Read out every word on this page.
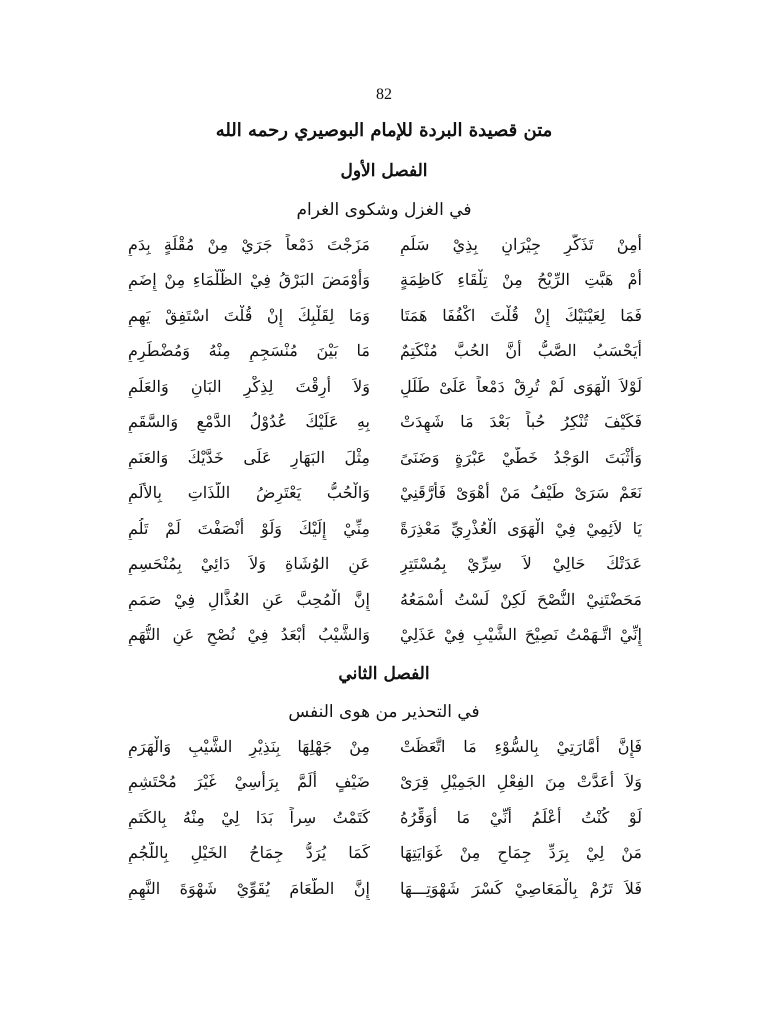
82
متن قصيدة البردة للإمام البوصيري رحمه الله
الفصل الأول
في الغزل وشكوى الغرام
أَمِنْ تَذَكُّرِ جِيْرَانٍ بِذِيْ سَلَمِ
مَزَجْتَ دَمْعاً جَرَيْ مِنْ مُقْلَةٍ بِدَمِ
أَمْ هَبَّتِ الرِّيْحُ مِنْ تِلْقَاءِ كَاظِمَةٍ
وَأَوْمَضَ البَرْقُ فِيْ الظَّلْمَاءِ مِنْ إِضَمِ
فَمَا لِعَيْنَيْكَ إِنْ قُلْتَ اكْفُفَا هَمَتَا
وَمَا لِقَلْبِكَ إِنْ قُلْتَ اسْتَفِقْ يَهِمِ
أَيَحْسَبُ الصَّبُّ أَنَّ الحُبَّ مُنْكَتِمٌ
مَا بَيْنَ مُنْسَجِمٍ مِنْهُ وَمُضْطَرِمِ
لَوْلاَ الْهَوَى لَمْ تُرِقْ دَمْعاً عَلَىْ طَلَلٍ
وَلاَ أَرِقْتَ لِذِكْرِ البَانِ وَالعَلَمِ
فَكَيْفَ تُنْكِرُ حُباً بَعْدَ مَا شَهِدَتْ
بِهِ عَلَيْكَ عُدُوْلُ الدَّمْعِ وَالسَّقَمِ
وَأَثْبَتَ الوَجْدُ خَطَّيْ عَبْرَةٍ وَضَنَىً
مِثْلَ البَهَارِ عَلَى خَدَّيْكَ وَالعَنَمِ
نَعَمْ سَرَىْ طَيْفُ مَنْ أَهْوَىْ فَأَرَّقَنِيْ
وَالْحُبُّ يَعْتَرِضُ اللَّذَاتِ بِالأَلَمِ
يَا لاَئِمِيْ فِيْ الْهَوَى الْعُذْرِيِّ مَعْذِرَةً
مِنِّيْ إِلَيْكَ وَلَوْ أَنْصَفْتَ لَمْ تَلُمِ
عَدَتْكَ حَالِيْ لاَ سِرِّيْ بِمُسْتَتِرٍ
عَنِ الوُشَاةِ وَلاَ دَائِيْ بِمُنْحَسِمِ
مَحَضْتَنِيْ النُّصْحَ لَكِنْ لَسْتُ أَسْمَعُهُ
إِنَّ الْمُحِبَّ عَنِ العُذَّالِ فِيْ صَمَمِ
إِنِّيْ اتَّـهَمْتُ نَصِيْحَ الشَّيْبِ فِيْ عَذَلِيْ
وَالشَّيْبُ أَبْعَدُ فِيْ نُصْحٍ عَنِ التُّهَمِ
الفصل الثاني
في التحذير من هوى النفس
فَإِنَّ أَمَّارَتِيْ بِالسُّوْءِ مَا اتَّعَظَتْ
مِنْ جَهْلِهَا بِنَذِيْرِ الشَّيْبِ وَالْهَرَمِ
وَلاَ أَعَدَّتْ مِنَ الفِعْلِ الجَمِيْلِ قِرَىْ
ضَيْفٍ أَلَمَّ بِرَأْسِيْ غَيْرَ مُحْتَشِمِ
لَوْ كُنْتُ أَعْلَمُ أَنِّيْ مَا أُوَقِّرُهُ
كَتَمْتُ سِراً بَدَا لِيْ مِنْهُ بِالكَتَمِ
مَنْ لِيْ بِرَدِّ جِمَاحٍ مِنْ غَوَايَتِهَا
كَمَا يُرَدُّ جِمَاحُ الخَيْلِ بِاللُّجُمِ
فَلاَ تَرُمْ بِالْمَعَاصِيْ كَسْرَ شَهْوَتِـــهَا
إِنَّ الطَّعَامَ يُقَوِّيْ شَهْوَةَ النَّهِمِ
